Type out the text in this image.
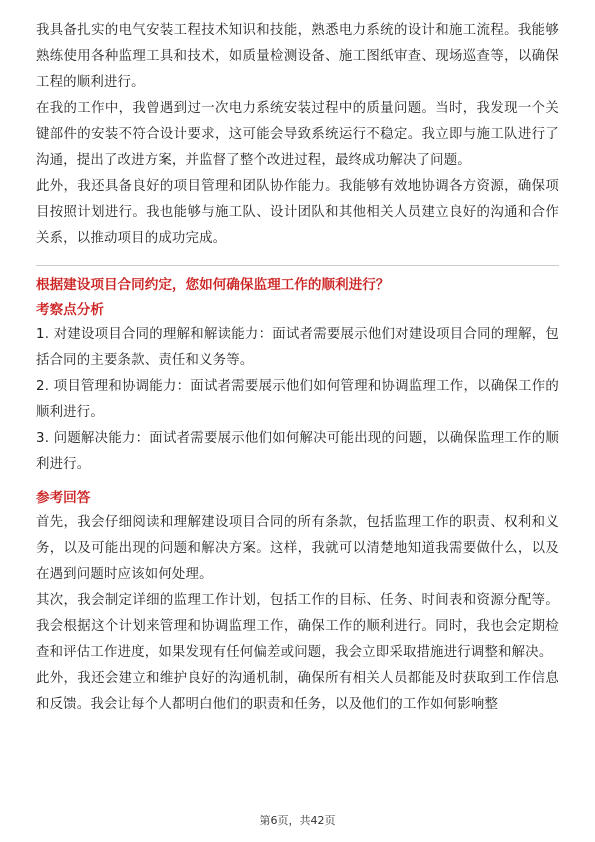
我具备扎实的电气安装工程技术知识和技能，熟悉电力系统的设计和施工流程。我能够熟练使用各种监理工具和技术，如质量检测设备、施工图纸审查、现场巡查等，以确保工程的顺利进行。

在我的工作中，我曾遇到过一次电力系统安装过程中的质量问题。当时，我发现一个关键部件的安装不符合设计要求，这可能会导致系统运行不稳定。我立即与施工队进行了沟通，提出了改进方案，并监督了整个改进过程，最终成功解决了问题。

此外，我还具备良好的项目管理和团队协作能力。我能够有效地协调各方资源，确保项目按照计划进行。我也能够与施工队、设计团队和其他相关人员建立良好的沟通和合作关系，以推动项目的成功完成。

根据建设项目合同约定，您如何确保监理工作的顺利进行？

考察点分析

1. 对建设项目合同的理解和解读能力：面试者需要展示他们对建设项目合同的理解，包括合同的主要条款、责任和义务等。

2. 项目管理和协调能力：面试者需要展示他们如何管理和协调监理工作，以确保工作的顺利进行。

3. 问题解决能力：面试者需要展示他们如何解决可能出现的问题，以确保监理工作的顺利进行。

参考回答

首先，我会仔细阅读和理解建设项目合同的所有条款，包括监理工作的职责、权利和义务，以及可能出现的问题和解决方案。这样，我就可以清楚地知道我需要做什么，以及在遇到问题时应该如何处理。

其次，我会制定详细的监理工作计划，包括工作的目标、任务、时间表和资源分配等。我会根据这个计划来管理和协调监理工作，确保工作的顺利进行。同时，我也会定期检查和评估工作进度，如果发现有任何偏差或问题，我会立即采取措施进行调整和解决。

此外，我还会建立和维护良好的沟通机制，确保所有相关人员都能及时获取到工作信息和反馈。我会让每个人都明白他们的职责和任务，以及他们的工作如何影响整

第6页，共42页
